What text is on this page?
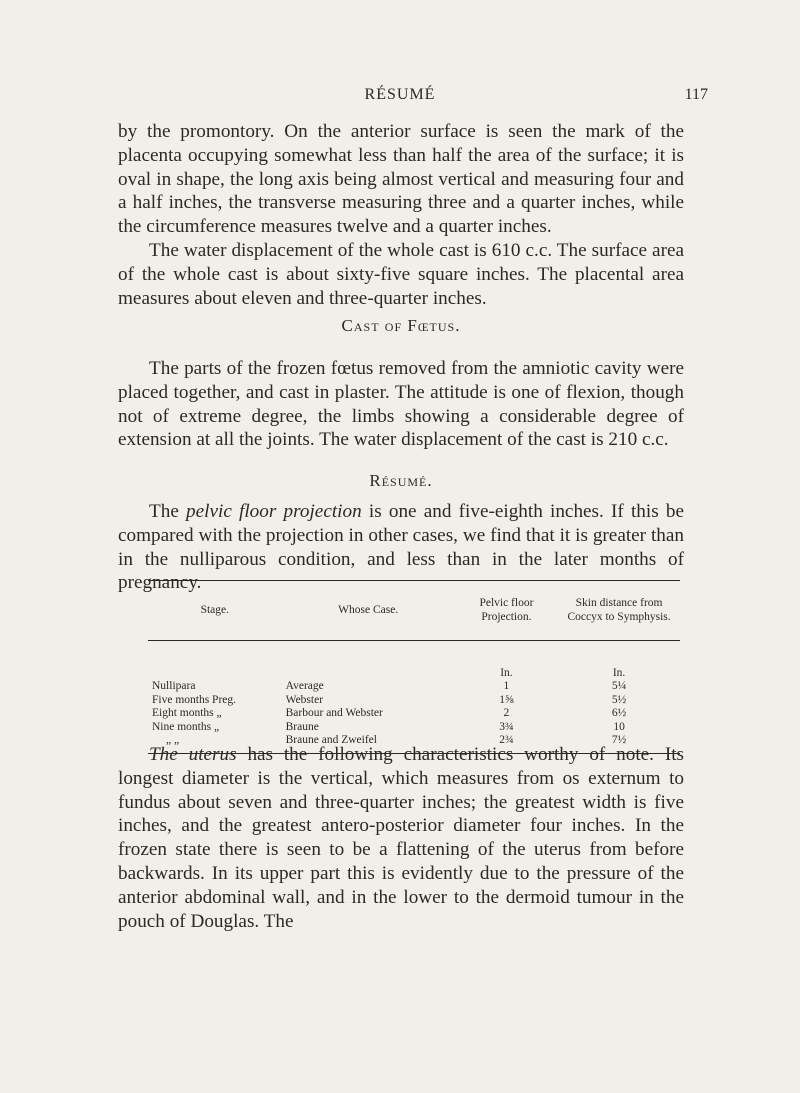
RÉSUMÉ	117

by the promontory. On the anterior surface is seen the mark of the placenta occupying somewhat less than half the area of the surface; it is oval in shape, the long axis being almost vertical and measuring four and a half inches, the transverse measuring three and a quarter inches, while the circumference measures twelve and a quarter inches.

The water displacement of the whole cast is 610 c.c. The surface area of the whole cast is about sixty-five square inches. The placental area measures about eleven and three-quarter inches.

Cast of Fœtus.

The parts of the frozen fœtus removed from the amniotic cavity were placed together, and cast in plaster. The attitude is one of flexion, though not of extreme degree, the limbs showing a considerable degree of extension at all the joints. The water displacement of the cast is 210 c.c.

Résumé.

The pelvic floor projection is one and five-eighth inches. If this be compared with the projection in other cases, we find that it is greater than in the nulliparous condition, and less than in the later months of pregnancy.

Stage.	Whose Case.	Pelvic floor Projection.	Skin distance from Coccyx to Symphysis.
		In.	In.
Nullipara	Average	1	5¼
Five months Preg.	Webster	1⅝	5½
Eight months „	Barbour and Webster	2	6½
Nine months „	Braune	3¾	10
„ „	Braune and Zweifel	2¾	7½

The uterus has the following characteristics worthy of note. Its longest diameter is the vertical, which measures from os externum to fundus about seven and three-quarter inches; the greatest width is five inches, and the greatest antero-posterior diameter four inches. In the frozen state there is seen to be a flattening of the uterus from before backwards. In its upper part this is evidently due to the pressure of the anterior abdominal wall, and in the lower to the dermoid tumour in the pouch of Douglas. The
